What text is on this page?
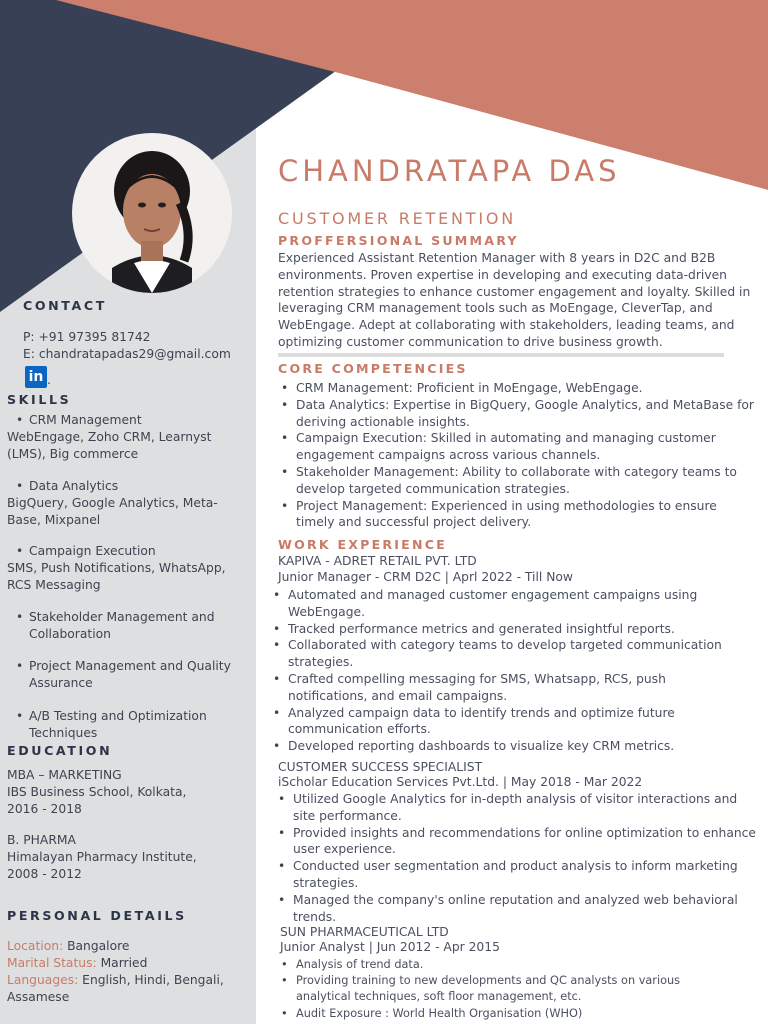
CHANDRATAPA DAS
CUSTOMER RETENTION
CONTACT
P: +91 97395 81742
E: chandratapadas29@gmail.com
in .
SKILLS
• CRM Management
WebEngage, Zoho CRM, Learnyst (LMS), Big commerce
• Data Analytics
BigQuery, Google Analytics, Meta-Base, Mixpanel
• Campaign Execution
SMS, Push Notifications, WhatsApp, RCS Messaging
• Stakeholder Management and Collaboration
• Project Management and Quality Assurance
• A/B Testing and Optimization Techniques
EDUCATION
MBA – MARKETING
IBS Business School, Kolkata,
2016 - 2018
B. PHARMA
Himalayan Pharmacy Institute,
2008 - 2012
PERSONAL DETAILS
Location: Bangalore
Marital Status: Married
Languages: English, Hindi, Bengali, Assamese
PROFFERSIONAL SUMMARY

Experienced Assistant Retention Manager with 8 years in D2C and B2B environments. Proven expertise in developing and executing data-driven retention strategies to enhance customer engagement and loyalty. Skilled in leveraging CRM management tools such as MoEngage, CleverTap, and WebEngage. Adept at collaborating with stakeholders, leading teams, and optimizing customer communication to drive business growth.

CORE COMPETENCIES
• CRM Management: Proficient in MoEngage, WebEngage.
• Data Analytics: Expertise in BigQuery, Google Analytics, and MetaBase for deriving actionable insights.
• Campaign Execution: Skilled in automating and managing customer engagement campaigns across various channels.
• Stakeholder Management: Ability to collaborate with category teams to develop targeted communication strategies.
• Project Management: Experienced in using methodologies to ensure timely and successful project delivery.
WORK EXPERIENCE
KAPIVA - ADRET RETAIL PVT. LTD
Junior Manager - CRM D2C | Aprl 2022 - Till Now
• Automated and managed customer engagement campaigns using WebEngage.
• Tracked performance metrics and generated insightful reports.
• Collaborated with category teams to develop targeted communication strategies.
• Crafted compelling messaging for SMS, Whatsapp, RCS, push notifications, and email campaigns.
• Analyzed campaign data to identify trends and optimize future communication efforts.
• Developed reporting dashboards to visualize key CRM metrics.
CUSTOMER SUCCESS SPECIALIST
iScholar Education Services Pvt.Ltd. | May 2018 - Mar 2022
• Utilized Google Analytics for in-depth analysis of visitor interactions and site performance.
• Provided insights and recommendations for online optimization to enhance user experience.
• Conducted user segmentation and product analysis to inform marketing strategies.
• Managed the company's online reputation and analyzed web behavioral trends.
SUN PHARMACEUTICAL LTD
Junior Analyst | Jun 2012 - Apr 2015
• Analysis of trend data.
• Providing training to new developments and QC analysts on various analytical techniques, soft floor management, etc.
• Audit Exposure : World Health Organisation (WHO)
